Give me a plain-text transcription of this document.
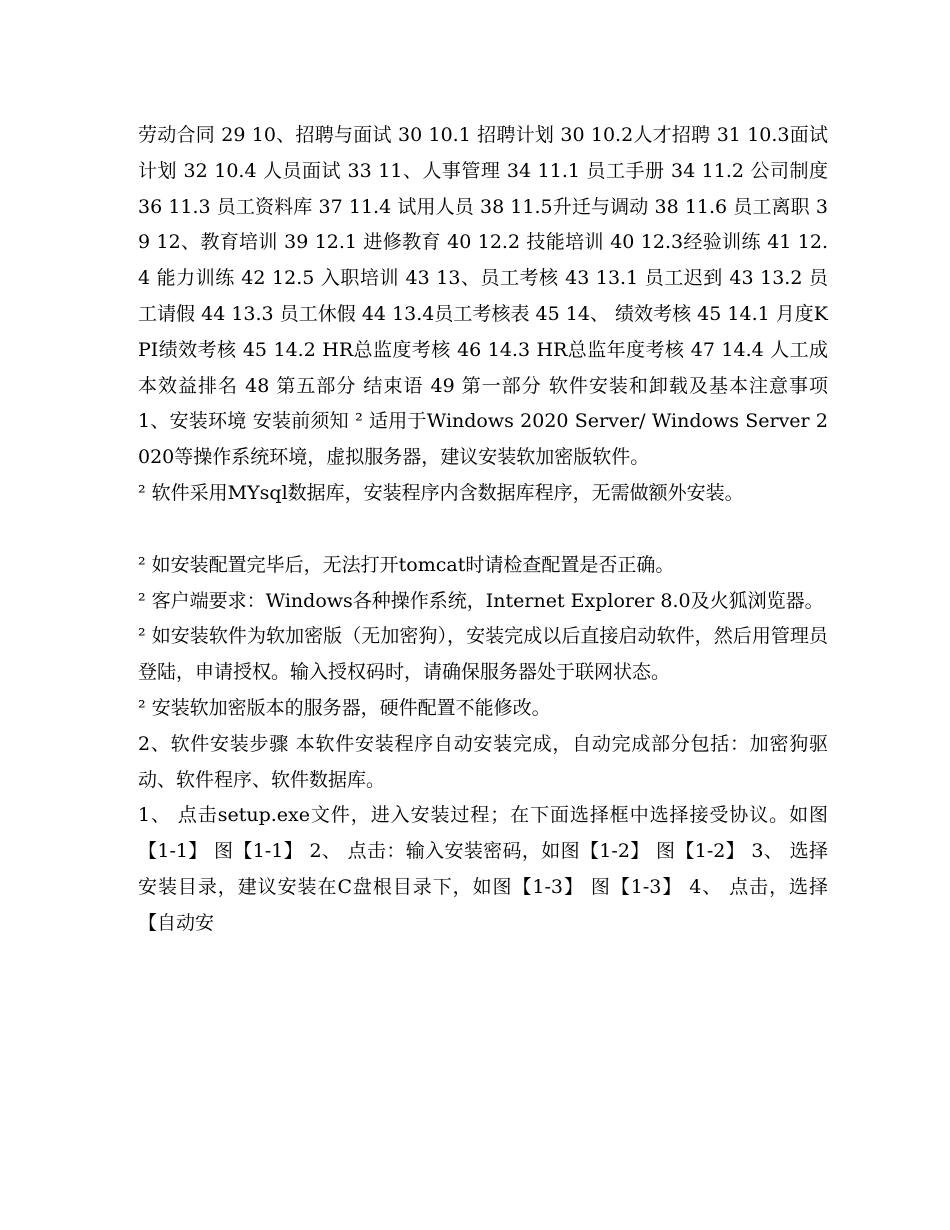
劳动合同 29 10、招聘与面试 30 10.1 招聘计划 30 10.2人才招聘 31 10.3面试计划 32 10.4 人员面试 33 11、人事管理 34 11.1 员工手册 34 11.2 公司制度 36 11.3 员工资料库 37 11.4 试用人员 38 11.5升迁与调动 38 11.6 员工离职 39 12、教育培训 39 12.1 进修教育 40 12.2 技能培训 40 12.3经验训练 41 12.4 能力训练 42 12.5 入职培训 43 13、员工考核 43 13.1 员工迟到 43 13.2 员工请假 44 13.3 员工休假 44 13.4员工考核表 45 14、 绩效考核 45 14.1 月度KPI绩效考核 45 14.2 HR总监度考核 46 14.3 HR总监年度考核 47 14.4 人工成本效益排名 48 第五部分 结束语 49 第一部分 软件安装和卸载及基本注意事项 1、安装环境 安装前须知 ² 适用于Windows 2020 Server/ Windows Server 2020等操作系统环境，虚拟服务器，建议安装软加密版软件。

² 软件采用MYsql数据库，安装程序内含数据库程序，无需做额外安装。

² 如安装配置完毕后，无法打开tomcat时请检查配置是否正确。

² 客户端要求：Windows各种操作系统，Internet Explorer 8.0及火狐浏览器。

² 如安装软件为软加密版（无加密狗），安装完成以后直接启动软件，然后用管理员登陆，申请授权。输入授权码时，请确保服务器处于联网状态。

² 安装软加密版本的服务器，硬件配置不能修改。

2、软件安装步骤 本软件安装程序自动安装完成，自动完成部分包括：加密狗驱动、软件程序、软件数据库。

1、 点击setup.exe文件，进入安装过程；在下面选择框中选择接受协议。如图【1-1】 图【1-1】 2、 点击：输入安装密码，如图【1-2】 图【1-2】 3、 选择安装目录，建议安装在C盘根目录下，如图【1-3】 图【1-3】 4、 点击，选择【自动安
